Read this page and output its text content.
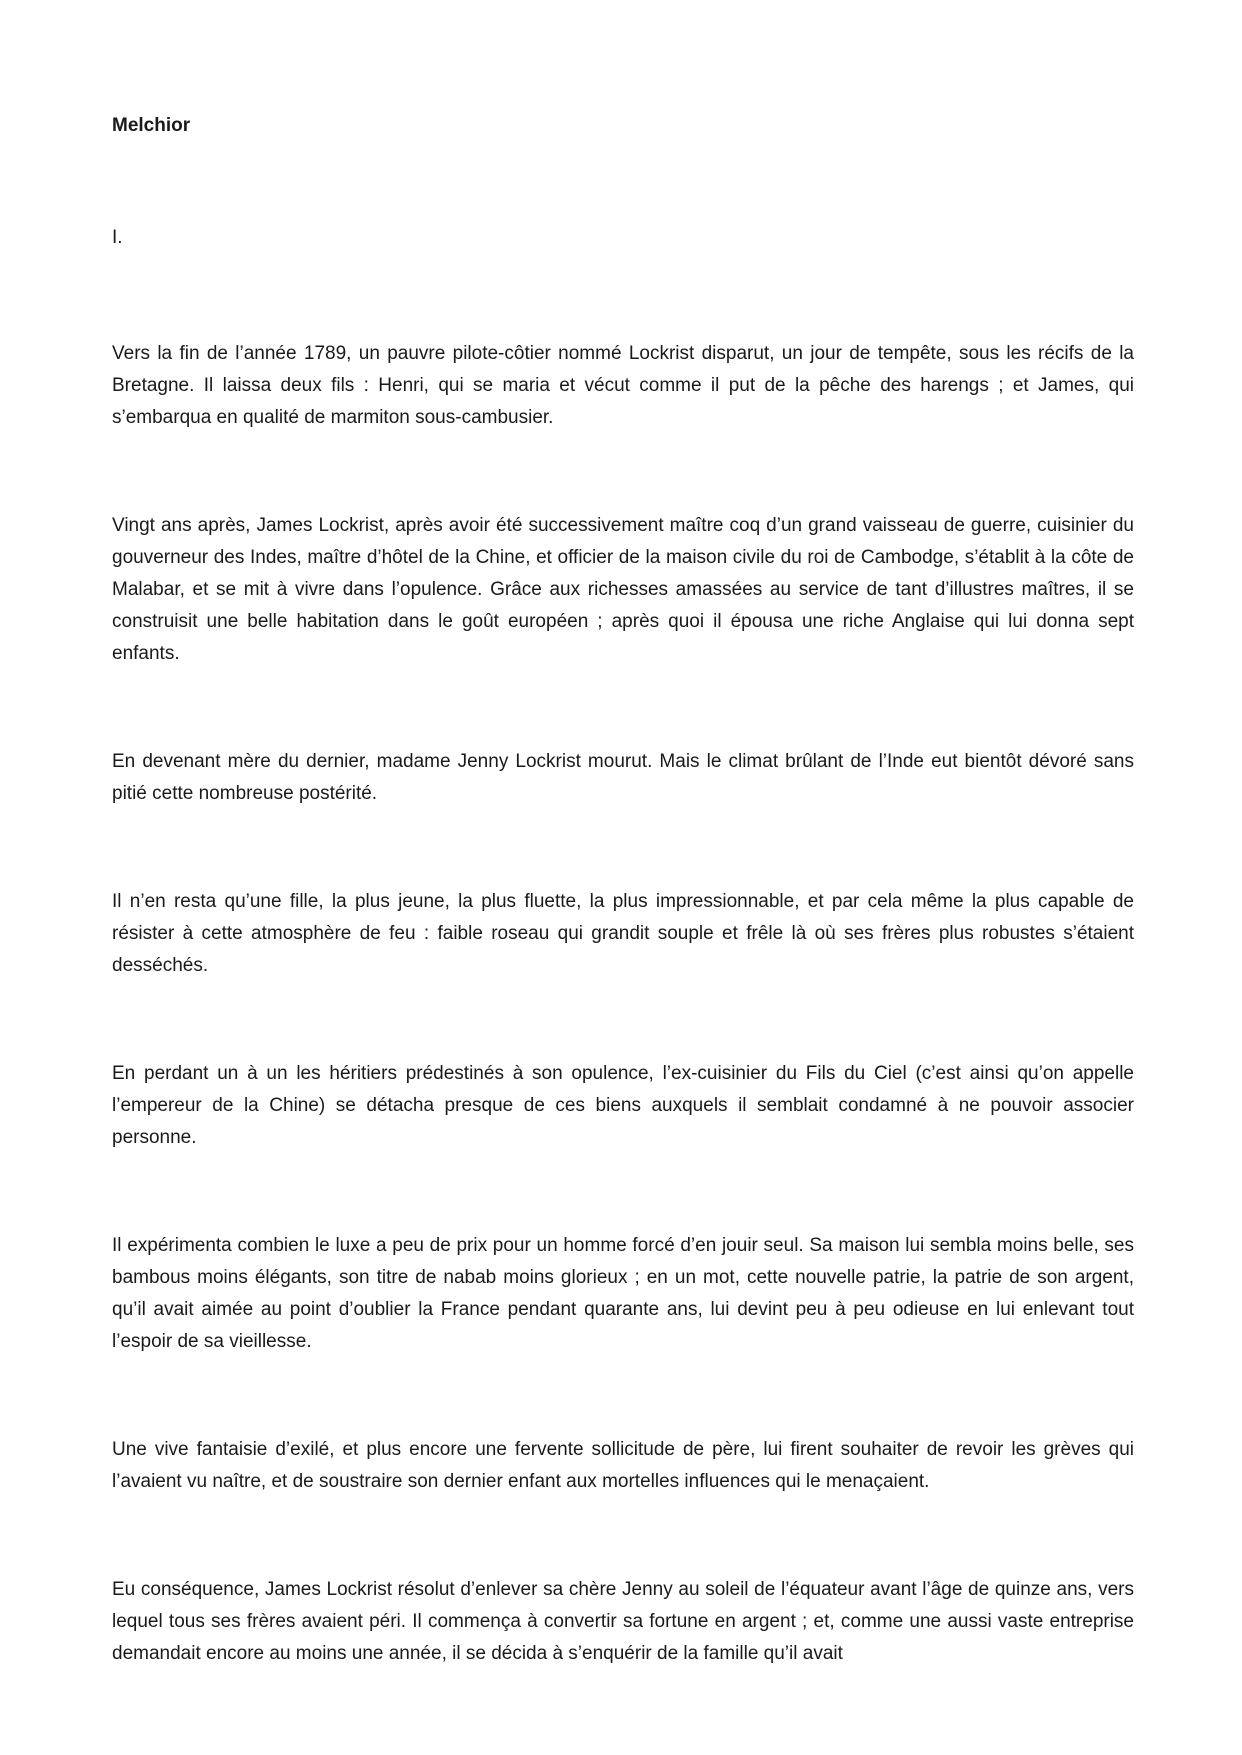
Melchior
I.

Vers la fin de l’année 1789, un pauvre pilote-côtier nommé Lockrist disparut, un jour de tempête, sous les récifs de la Bretagne. Il laissa deux fils : Henri, qui se maria et vécut comme il put de la pêche des harengs ; et James, qui s’embarqua en qualité de marmiton sous-cambusier.

Vingt ans après, James Lockrist, après avoir été successivement maître coq d’un grand vaisseau de guerre, cuisinier du gouverneur des Indes, maître d’hôtel de la Chine, et officier de la maison civile du roi de Cambodge, s’établit à la côte de Malabar, et se mit à vivre dans l’opulence. Grâce aux richesses amassées au service de tant d’illustres maîtres, il se construisit une belle habitation dans le goût européen ; après quoi il épousa une riche Anglaise qui lui donna sept enfants.

En devenant mère du dernier, madame Jenny Lockrist mourut. Mais le climat brûlant de l’Inde eut bientôt dévoré sans pitié cette nombreuse postérité.

Il n’en resta qu’une fille, la plus jeune, la plus fluette, la plus impressionnable, et par cela même la plus capable de résister à cette atmosphère de feu : faible roseau qui grandit souple et frêle là où ses frères plus robustes s’étaient desséchés.

En perdant un à un les héritiers prédestinés à son opulence, l’ex-cuisinier du Fils du Ciel (c’est ainsi qu’on appelle l’empereur de la Chine) se détacha presque de ces biens auxquels il semblait condamné à ne pouvoir associer personne.

Il expérimenta combien le luxe a peu de prix pour un homme forcé d’en jouir seul. Sa maison lui sembla moins belle, ses bambous moins élégants, son titre de nabab moins glorieux ; en un mot, cette nouvelle patrie, la patrie de son argent, qu’il avait aimée au point d’oublier la France pendant quarante ans, lui devint peu à peu odieuse en lui enlevant tout l’espoir de sa vieillesse.

Une vive fantaisie d’exilé, et plus encore une fervente sollicitude de père, lui firent souhaiter de revoir les grèves qui l’avaient vu naître, et de soustraire son dernier enfant aux mortelles influences qui le menaçaient.

Eu conséquence, James Lockrist résolut d’enlever sa chère Jenny au soleil de l’équateur avant l’âge de quinze ans, vers lequel tous ses frères avaient péri. Il commença à convertir sa fortune en argent ; et, comme une aussi vaste entreprise demandait encore au moins une année, il se décida à s’enquérir de la famille qu’il avait
